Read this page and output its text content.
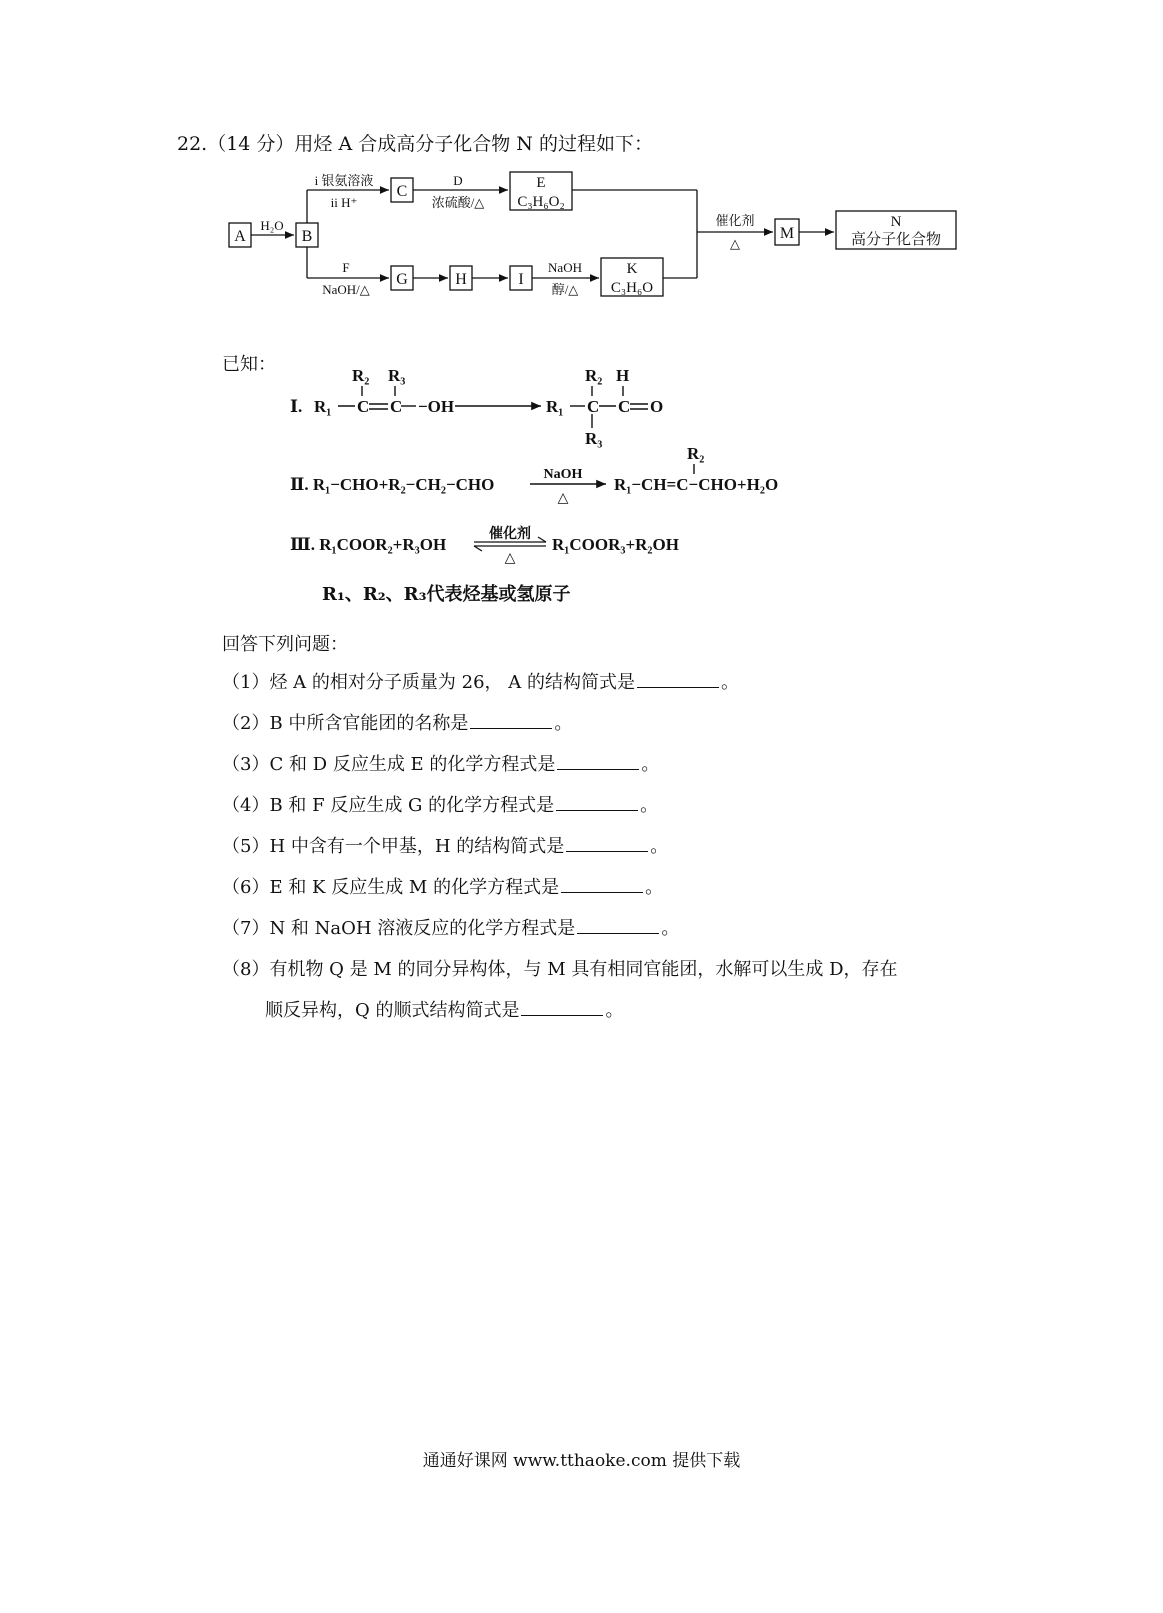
22.（14 分）用烃 A 合成高分子化合物 N 的过程如下：
A
H₂O
B
i 银氨溶液
ii H⁺
C
D
浓硫酸/△
E
C₃H₆O₂
F
NaOH/△
G	H	I
NaOH
醇/△
K
C₃H₆O
催化剂
△
M
N
高分子化合物
已知：
Ⅰ. R₁
R₂ R₃
C C −OH	R₁
R₂ H
C C O
R₃
Ⅱ. R₁−CHO+R₂−CH₂−CHO
NaOH
△
R₁−CH=C−CHO+H₂O
R₂
Ⅲ. R₁COOR₂+R₃OH
催化剂
△
R₁COOR₃+R₂OH
R₁、R₂、R₃代表烃基或氢原子
回答下列问题：
（1）烃 A 的相对分子质量为 26， A 的结构简式是	。
（2）B 中所含官能团的名称是	。
（3）C 和 D 反应生成 E 的化学方程式是	。
（4）B 和 F 反应生成 G 的化学方程式是	。
（5）H 中含有一个甲基，H 的结构简式是	。
（6）E 和 K 反应生成 M 的化学方程式是	。
（7）N 和 NaOH 溶液反应的化学方程式是	。
（8）有机物 Q 是 M 的同分异构体，与 M 具有相同官能团，水解可以生成 D，存在
顺反异构，Q 的顺式结构简式是	。
通通好课网 www.tthaoke.com 提供下载
